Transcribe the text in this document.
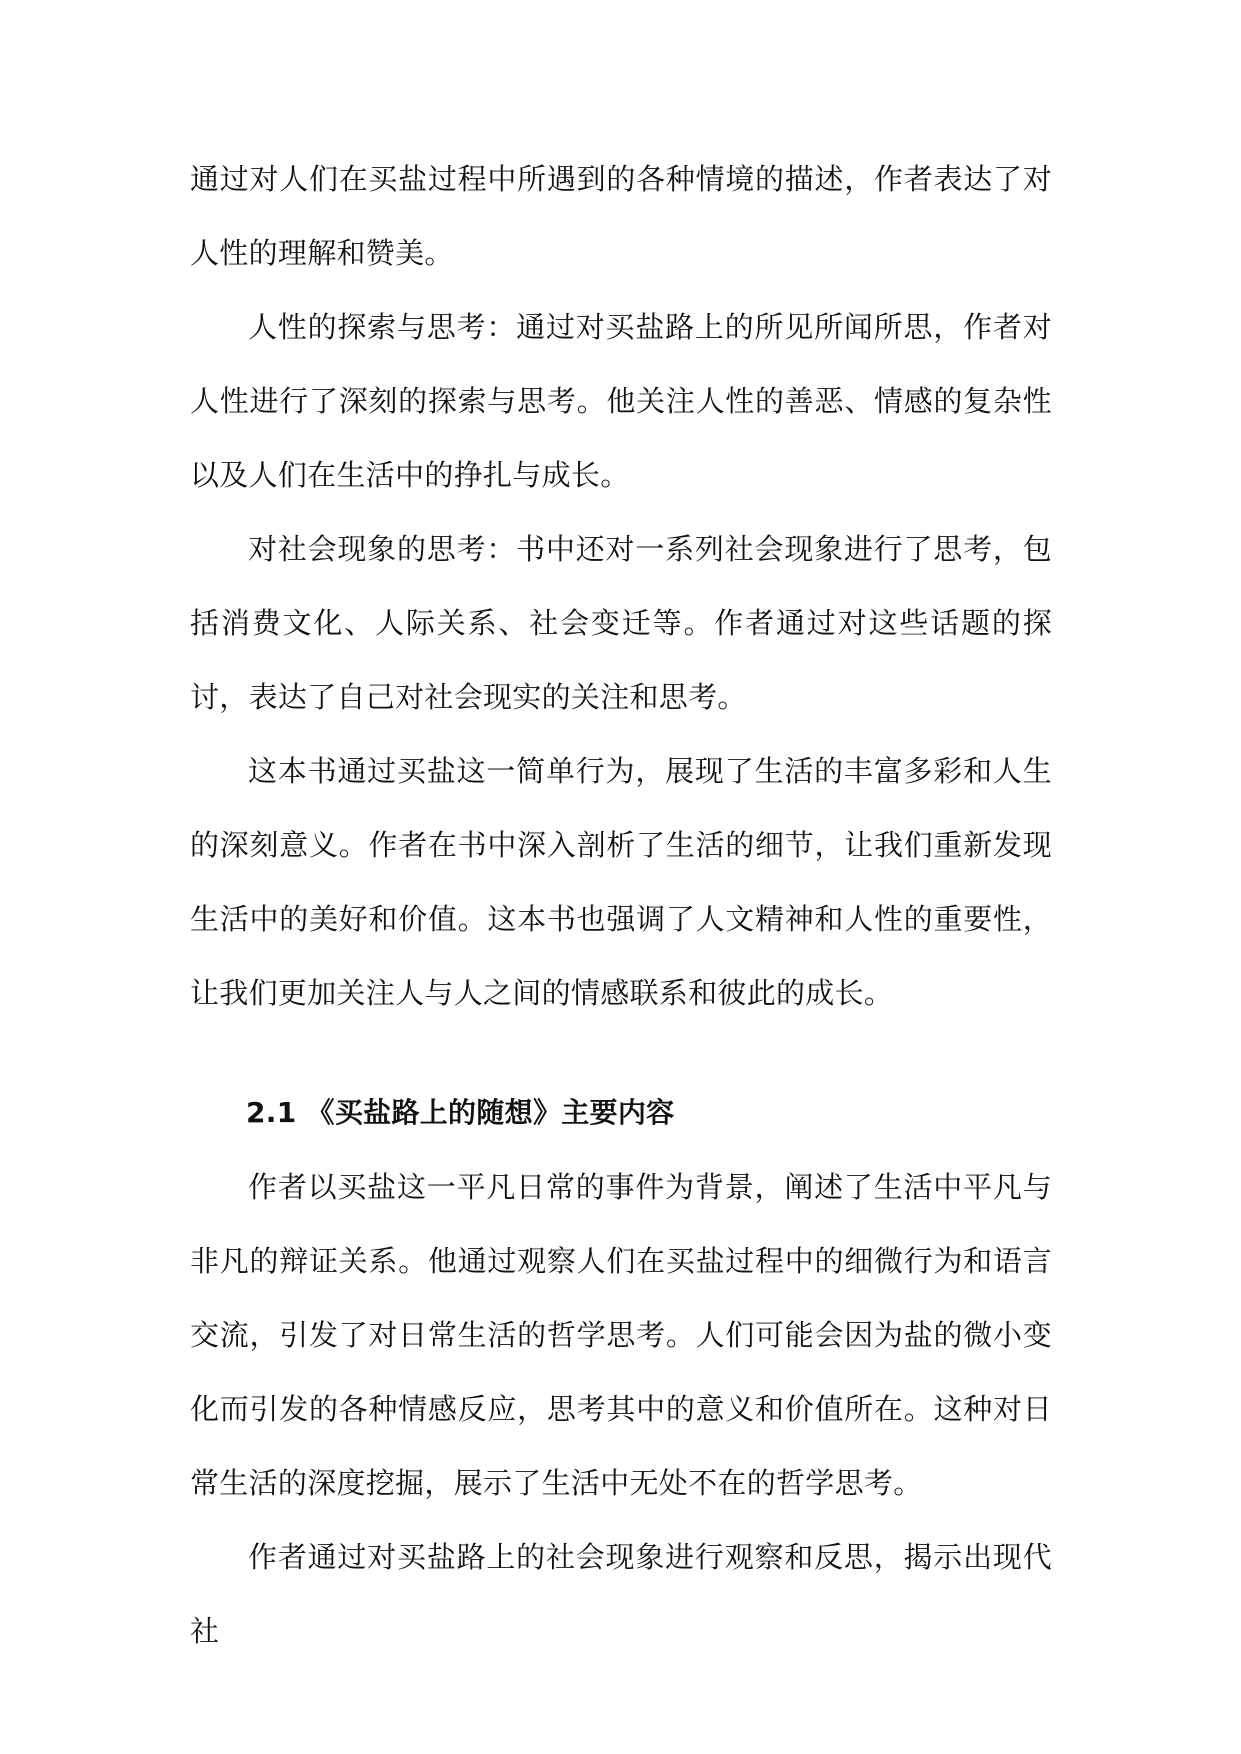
通过对人们在买盐过程中所遇到的各种情境的描述，作者表达了对人性的理解和赞美。

人性的探索与思考：通过对买盐路上的所见所闻所思，作者对人性进行了深刻的探索与思考。他关注人性的善恶、情感的复杂性以及人们在生活中的挣扎与成长。

对社会现象的思考：书中还对一系列社会现象进行了思考，包括消费文化、人际关系、社会变迁等。作者通过对这些话题的探讨，表达了自己对社会现实的关注和思考。

这本书通过买盐这一简单行为，展现了生活的丰富多彩和人生的深刻意义。作者在书中深入剖析了生活的细节，让我们重新发现生活中的美好和价值。这本书也强调了人文精神和人性的重要性，让我们更加关注人与人之间的情感联系和彼此的成长。

2.1 《买盐路上的随想》主要内容

作者以买盐这一平凡日常的事件为背景，阐述了生活中平凡与非凡的辩证关系。他通过观察人们在买盐过程中的细微行为和语言交流，引发了对日常生活的哲学思考。人们可能会因为盐的微小变化而引发的各种情感反应，思考其中的意义和价值所在。这种对日常生活的深度挖掘，展示了生活中无处不在的哲学思考。

作者通过对买盐路上的社会现象进行观察和反思，揭示出现代社
